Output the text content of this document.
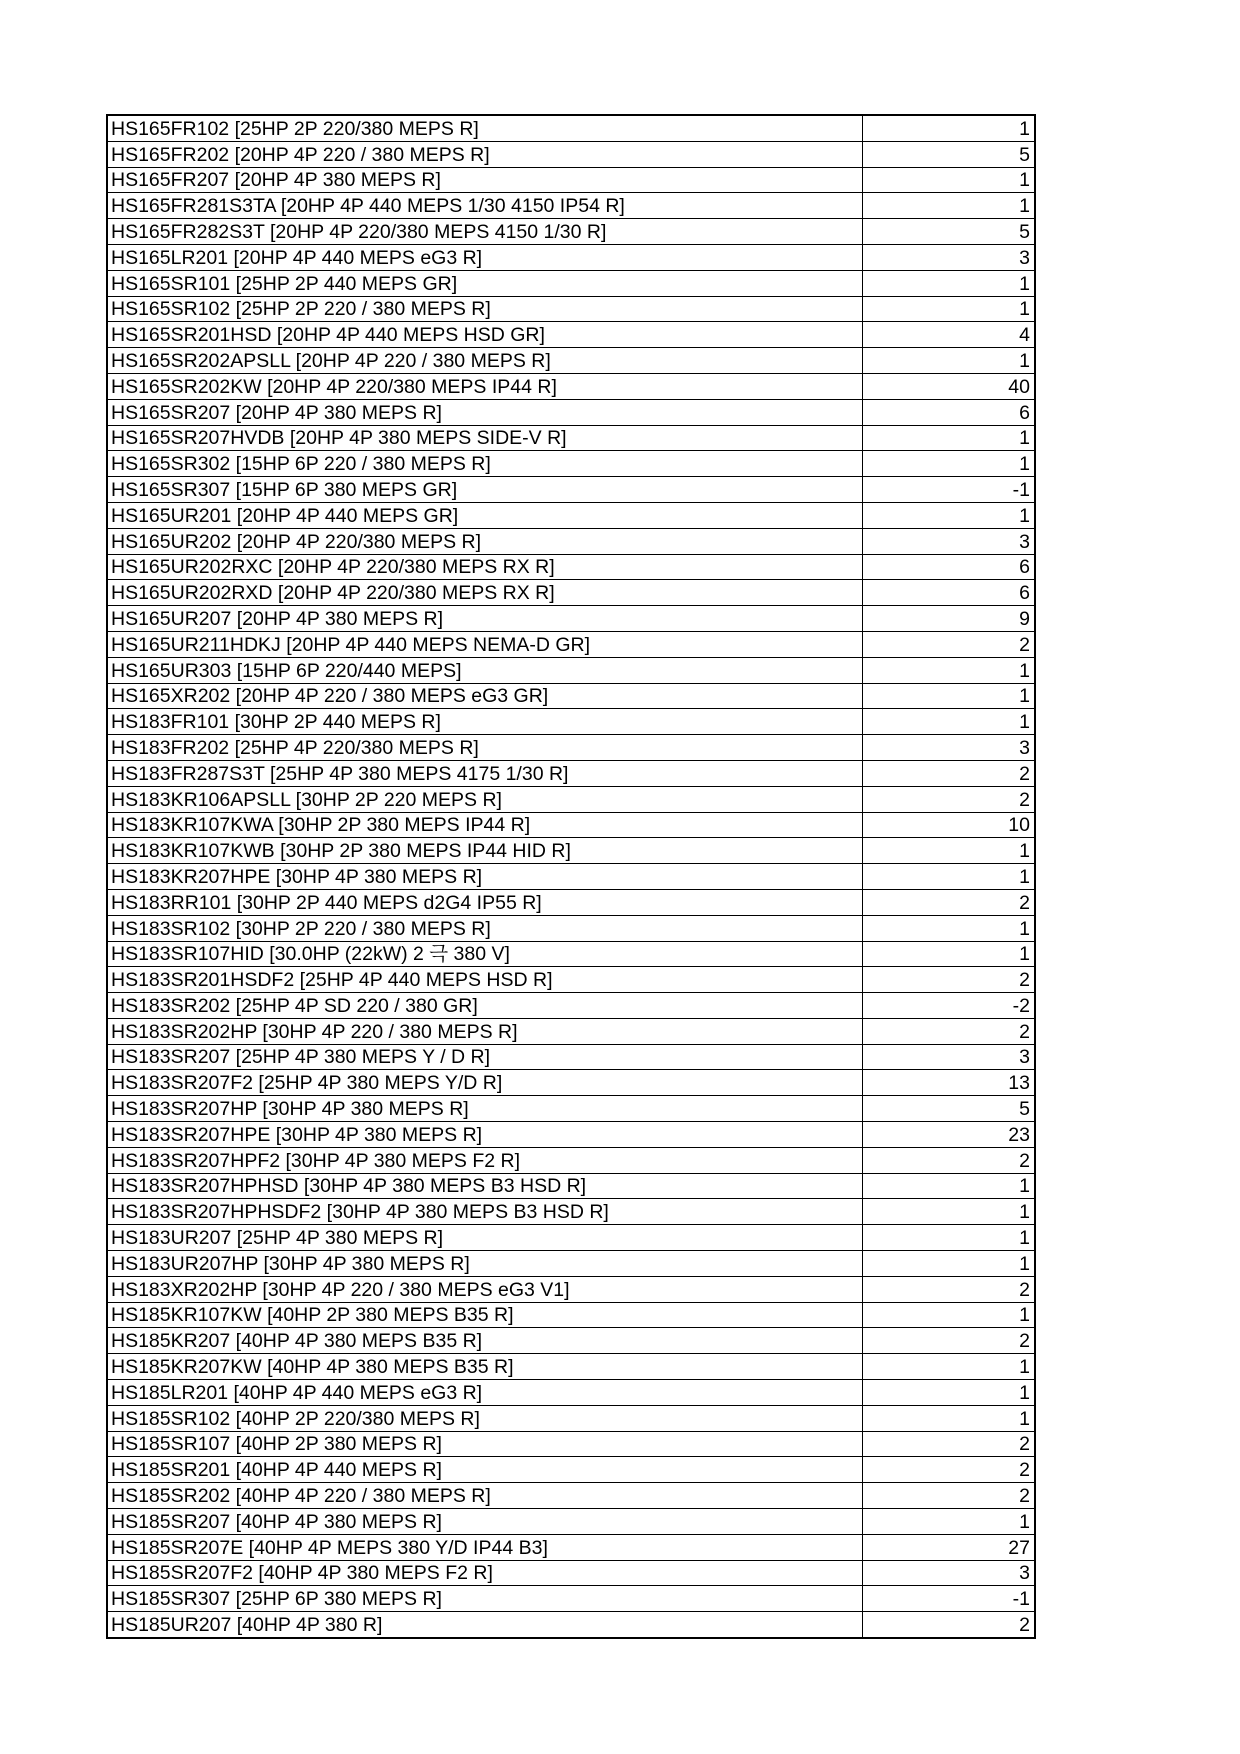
HS165FR102 [25HP 2P 220/380 MEPS R]	1
HS165FR202 [20HP 4P 220 / 380 MEPS R]	5
HS165FR207 [20HP 4P 380 MEPS R]	1
HS165FR281S3TA [20HP 4P 440 MEPS 1/30 4150 IP54 R]	1
HS165FR282S3T [20HP 4P 220/380 MEPS 4150 1/30 R]	5
HS165LR201 [20HP 4P 440 MEPS eG3 R]	3
HS165SR101 [25HP 2P 440 MEPS GR]	1
HS165SR102 [25HP 2P 220 / 380 MEPS R]	1
HS165SR201HSD [20HP 4P 440 MEPS HSD GR]	4
HS165SR202APSLL [20HP 4P 220 / 380 MEPS R]	1
HS165SR202KW [20HP 4P 220/380 MEPS IP44 R]	40
HS165SR207 [20HP 4P 380 MEPS R]	6
HS165SR207HVDB [20HP 4P 380 MEPS SIDE-V R]	1
HS165SR302 [15HP 6P 220 / 380 MEPS R]	1
HS165SR307 [15HP 6P 380 MEPS GR]	-1
HS165UR201 [20HP 4P 440 MEPS GR]	1
HS165UR202 [20HP 4P 220/380 MEPS R]	3
HS165UR202RXC [20HP 4P 220/380 MEPS RX R]	6
HS165UR202RXD [20HP 4P 220/380 MEPS RX R]	6
HS165UR207 [20HP 4P 380 MEPS R]	9
HS165UR211HDKJ [20HP 4P 440 MEPS NEMA-D GR]	2
HS165UR303 [15HP 6P 220/440 MEPS]	1
HS165XR202 [20HP 4P 220 / 380 MEPS eG3 GR]	1
HS183FR101 [30HP 2P 440 MEPS R]	1
HS183FR202 [25HP 4P 220/380 MEPS R]	3
HS183FR287S3T [25HP 4P 380 MEPS 4175 1/30 R]	2
HS183KR106APSLL [30HP 2P 220 MEPS R]	2
HS183KR107KWA [30HP 2P 380 MEPS IP44 R]	10
HS183KR107KWB [30HP 2P 380 MEPS IP44 HID R]	1
HS183KR207HPE [30HP 4P 380 MEPS R]	1
HS183RR101 [30HP 2P 440 MEPS d2G4 IP55 R]	2
HS183SR102 [30HP 2P 220 / 380 MEPS R]	1
HS183SR107HID [30.0HP (22kW) 2 극 380 V]	1
HS183SR201HSDF2 [25HP 4P 440 MEPS HSD R]	2
HS183SR202 [25HP 4P SD 220 / 380 GR]	-2
HS183SR202HP [30HP 4P 220 / 380 MEPS R]	2
HS183SR207 [25HP 4P 380 MEPS Y / D R]	3
HS183SR207F2 [25HP 4P 380 MEPS Y/D R]	13
HS183SR207HP [30HP 4P 380 MEPS R]	5
HS183SR207HPE [30HP 4P 380 MEPS R]	23
HS183SR207HPF2 [30HP 4P 380 MEPS F2 R]	2
HS183SR207HPHSD [30HP 4P 380 MEPS B3 HSD R]	1
HS183SR207HPHSDF2 [30HP 4P 380 MEPS B3 HSD R]	1
HS183UR207 [25HP 4P 380 MEPS R]	1
HS183UR207HP [30HP 4P 380 MEPS R]	1
HS183XR202HP [30HP 4P 220 / 380 MEPS eG3 V1]	2
HS185KR107KW [40HP 2P 380 MEPS B35 R]	1
HS185KR207 [40HP 4P 380 MEPS B35 R]	2
HS185KR207KW [40HP 4P 380 MEPS B35 R]	1
HS185LR201 [40HP 4P 440 MEPS eG3 R]	1
HS185SR102 [40HP 2P 220/380 MEPS R]	1
HS185SR107 [40HP 2P 380 MEPS R]	2
HS185SR201 [40HP 4P 440 MEPS R]	2
HS185SR202 [40HP 4P 220 / 380 MEPS R]	2
HS185SR207 [40HP 4P 380 MEPS R]	1
HS185SR207E [40HP 4P MEPS 380 Y/D IP44 B3]	27
HS185SR207F2 [40HP 4P 380 MEPS F2 R]	3
HS185SR307 [25HP 6P 380 MEPS R]	-1
HS185UR207 [40HP 4P 380 R]	2
